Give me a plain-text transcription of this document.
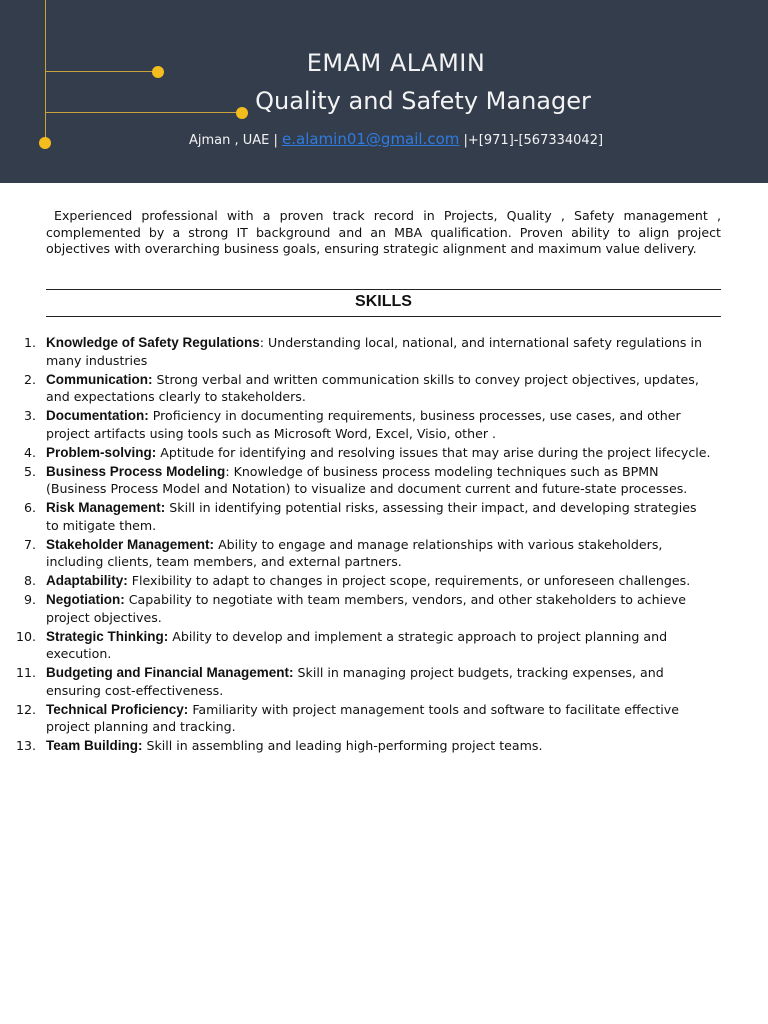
EMAM ALAMIN
Quality and Safety Manager
Ajman , UAE | e.alamin01@gmail.com |+[971]-[567334042]
Experienced professional with a proven track record in Projects, Quality , Safety management , complemented by a strong IT background and an MBA qualification. Proven ability to align project objectives with overarching business goals, ensuring strategic alignment and maximum value delivery.
SKILLS
1. Knowledge of Safety Regulations: Understanding local, national, and international safety regulations in many industries
2. Communication: Strong verbal and written communication skills to convey project objectives, updates, and expectations clearly to stakeholders.
3. Documentation: Proficiency in documenting requirements, business processes, use cases, and other project artifacts using tools such as Microsoft Word, Excel, Visio, other .
4. Problem-solving: Aptitude for identifying and resolving issues that may arise during the project lifecycle.
5. Business Process Modeling: Knowledge of business process modeling techniques such as BPMN (Business Process Model and Notation) to visualize and document current and future-state processes.
6. Risk Management: Skill in identifying potential risks, assessing their impact, and developing strategies to mitigate them.
7. Stakeholder Management: Ability to engage and manage relationships with various stakeholders, including clients, team members, and external partners.
8. Adaptability: Flexibility to adapt to changes in project scope, requirements, or unforeseen challenges.
9. Negotiation: Capability to negotiate with team members, vendors, and other stakeholders to achieve project objectives.
10. Strategic Thinking: Ability to develop and implement a strategic approach to project planning and execution.
11. Budgeting and Financial Management: Skill in managing project budgets, tracking expenses, and ensuring cost-effectiveness.
12. Technical Proficiency: Familiarity with project management tools and software to facilitate effective project planning and tracking.
13. Team Building: Skill in assembling and leading high-performing project teams.
